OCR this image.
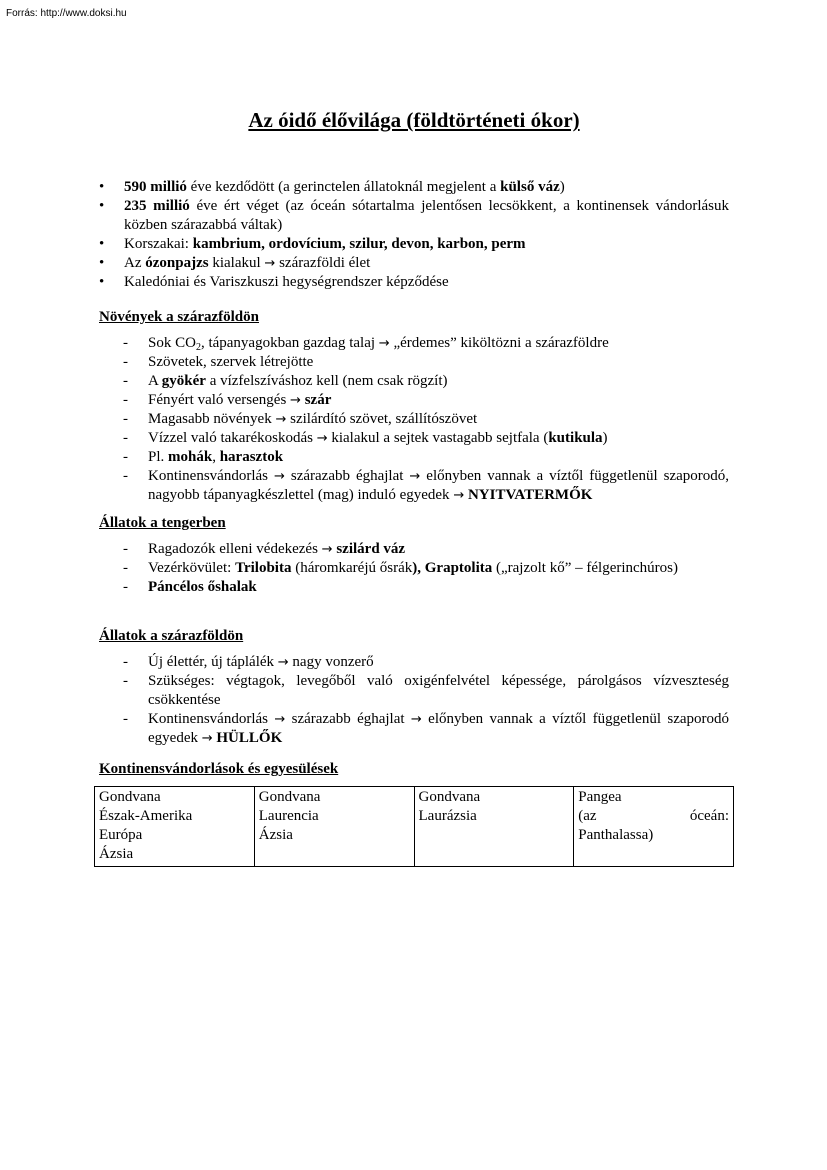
Forrás: http://www.doksi.hu
Az óidő élővilága (földtörténeti ókor)
• 590 millió éve kezdődött (a gerinctelen állatoknál megjelent a külső váz)
• 235 millió éve ért véget (az óceán sótartalma jelentősen lecsökkent, a kontinensek vándorlásuk közben szárazabbá váltak)
• Korszakai: kambrium, ordovícium, szilur, devon, karbon, perm
• Az ózonpajzs kialakul → szárazföldi élet
• Kaledóniai és Variszkuszi hegységrendszer képződése

Növények a szárazföldön

- Sok $CO_2$, tápanyagokban gazdag talaj → „érdemes” kiköltözni a szárazföldre
- Szövetek, szervek létrejötte
- A gyökér a vízfelszíváshoz kell (nem csak rögzít)
- Fényért való versengés → szár
- Magasabb növények → szilárdító szövet, szállítószövet
- Vízzel való takarékoskodás → kialakul a sejtek vastagabb sejtfala (kutikula)
- Pl. mohák, harasztok
- Kontinensvándorlás → szárazabb éghajlat → előnyben vannak a víztől függetlenül szaporodó, nagyobb tápanyagkészlettel (mag) induló egyedek → NYITVATERMŐK

Állatok a tengerben

- Ragadozók elleni védekezés → szilárd váz
- Vezérkövület: Trilobita (háromkaréjú ősrák), Graptolita („rajzolt kő” – félgerinchúros)
- Páncélos őshalak

Állatok a szárazföldön

- Új élettér, új táplálék → nagy vonzerő
- Szükséges: végtagok, levegőből való oxigénfelvétel képessége, párolgásos vízveszteség csökkentése
- Kontinensvándorlás → szárazabb éghajlat → előnyben vannak a víztől függetlenül szaporodó egyedek → HÜLLŐK

Kontinensvándorlások és egyesülések

Gondvana
Észak-Amerika
Európa
Ázsia

Gondvana
Laurencia
Ázsia

Gondvana
Laurázsia

Pangea
(az	óceán:
Panthalassa)
